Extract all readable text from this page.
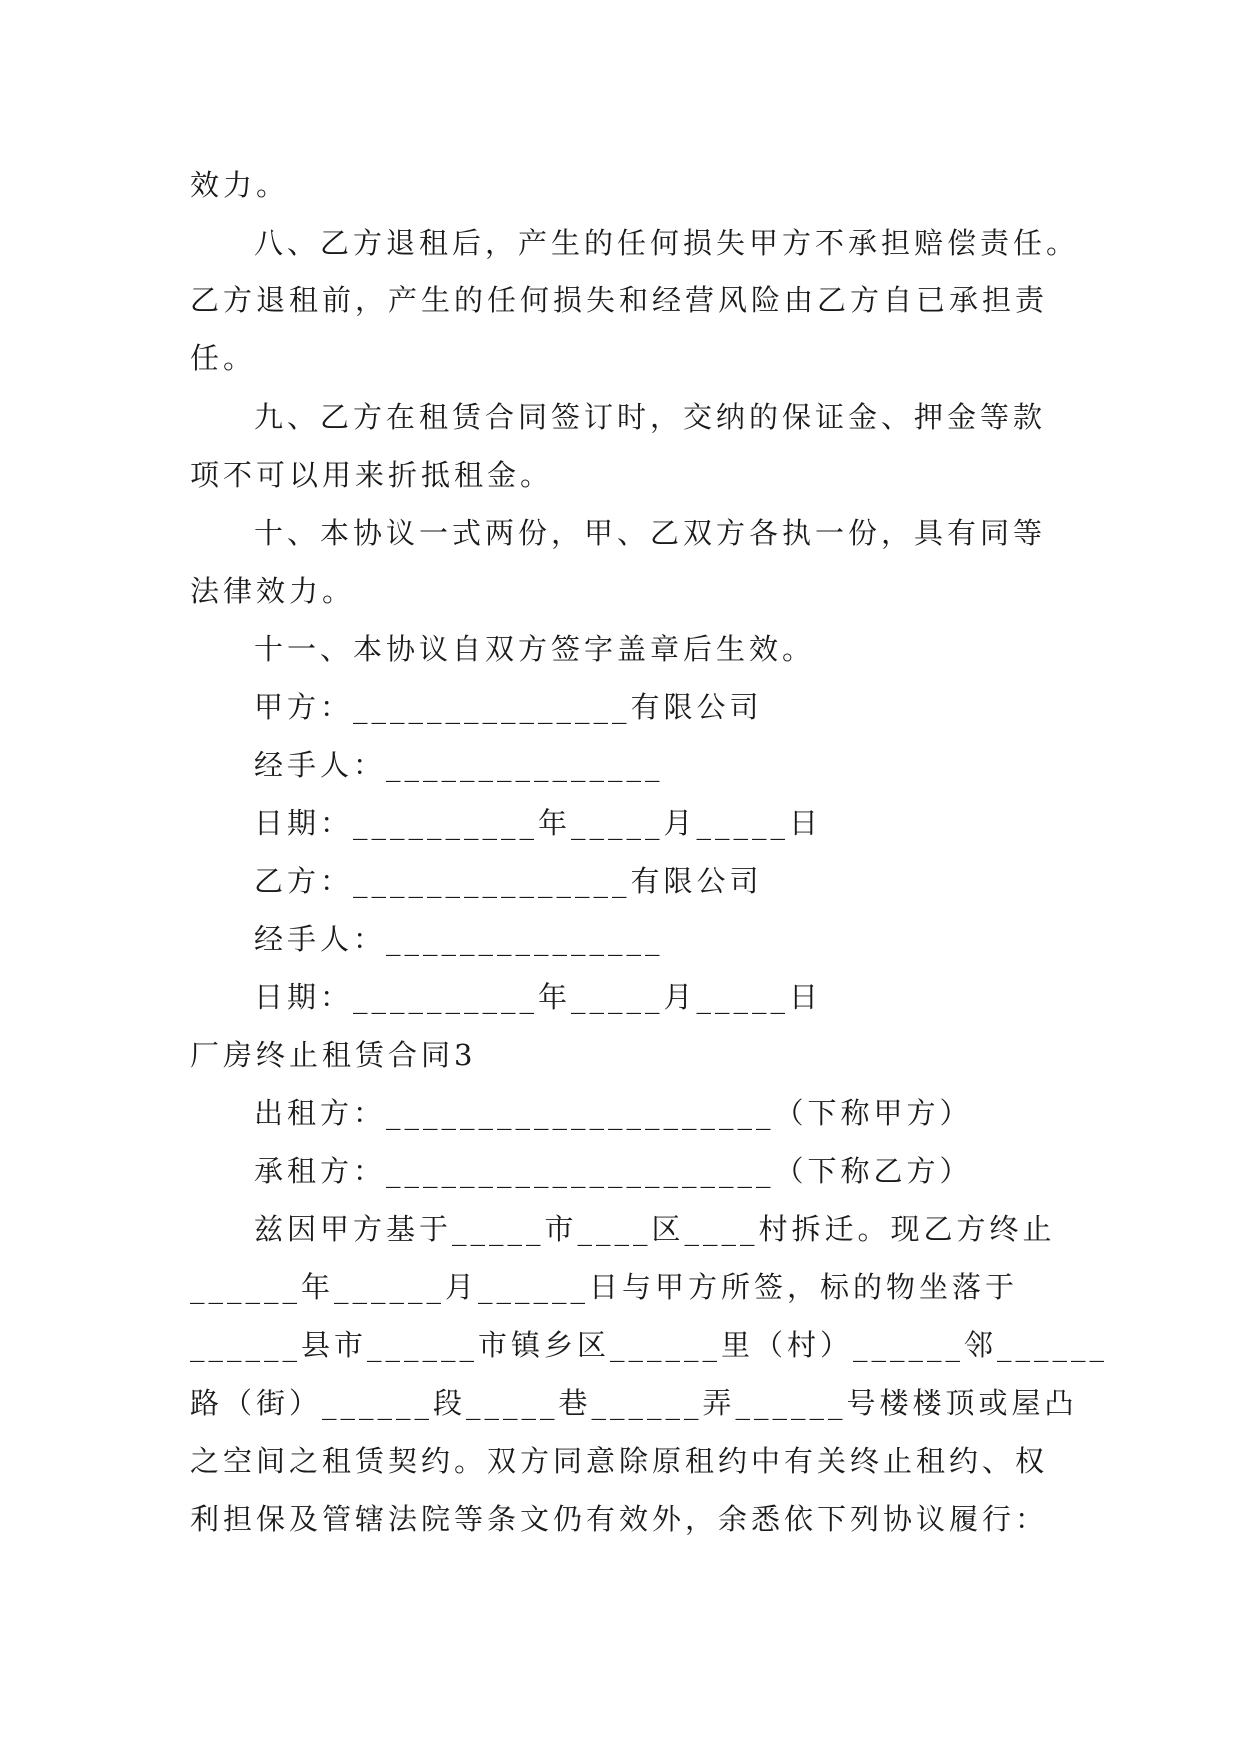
效力。
八、乙方退租后，产生的任何损失甲方不承担赔偿责任。
乙方退租前，产生的任何损失和经营风险由乙方自已承担责
任。
九、乙方在租赁合同签订时，交纳的保证金、押金等款
项不可以用来折抵租金。
十、本协议一式两份，甲、乙双方各执一份，具有同等
法律效力。
十一、本协议自双方签字盖章后生效。
甲方：_______________有限公司
经手人：_______________
日期：__________年_____月_____日
乙方：_______________有限公司
经手人：_______________
日期：__________年_____月_____日
厂房终止租赁合同3
出租方：_____________________（下称甲方）
承租方：_____________________（下称乙方）
兹因甲方基于_____市____区____村拆迁。现乙方终止
______年______月______日与甲方所签，标的物坐落于
______县市______市镇乡区______里（村）______邻______
路（街）______段_____巷______弄______号楼楼顶或屋凸
之空间之租赁契约。双方同意除原租约中有关终止租约、权
利担保及管辖法院等条文仍有效外，余悉依下列协议履行：
